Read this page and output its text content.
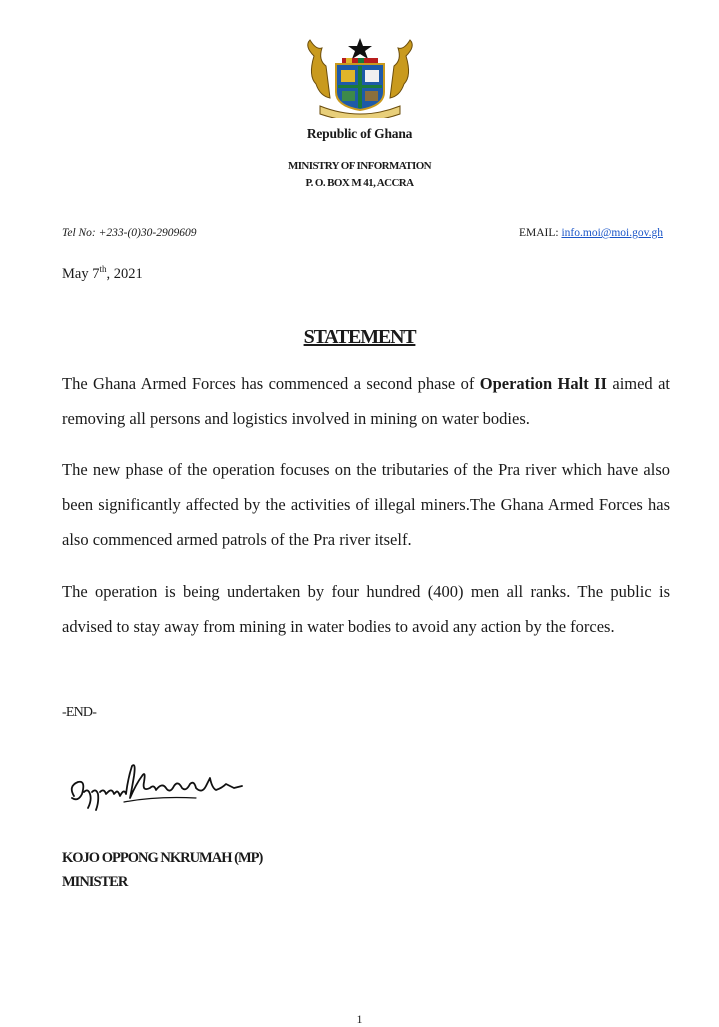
Republic of Ghana
MINISTRY OF INFORMATION
P. O. BOX M 41, ACCRA
Tel No: +233-(0)30-2909609	EMAIL: info.moi@moi.gov.gh
May 7th, 2021
STATEMENT

The Ghana Armed Forces has commenced a second phase of Operation Halt II aimed at removing all persons and logistics involved in mining on water bodies.

The new phase of the operation focuses on the tributaries of the Pra river which have also been significantly affected by the activities of illegal miners.The Ghana Armed Forces has also commenced armed patrols of the Pra river itself.

The operation is being undertaken by four hundred (400) men all ranks. The public is advised to stay away from mining in water bodies to avoid any action by the forces.

-END-
KOJO OPPONG NKRUMAH (MP)
MINISTER
1
